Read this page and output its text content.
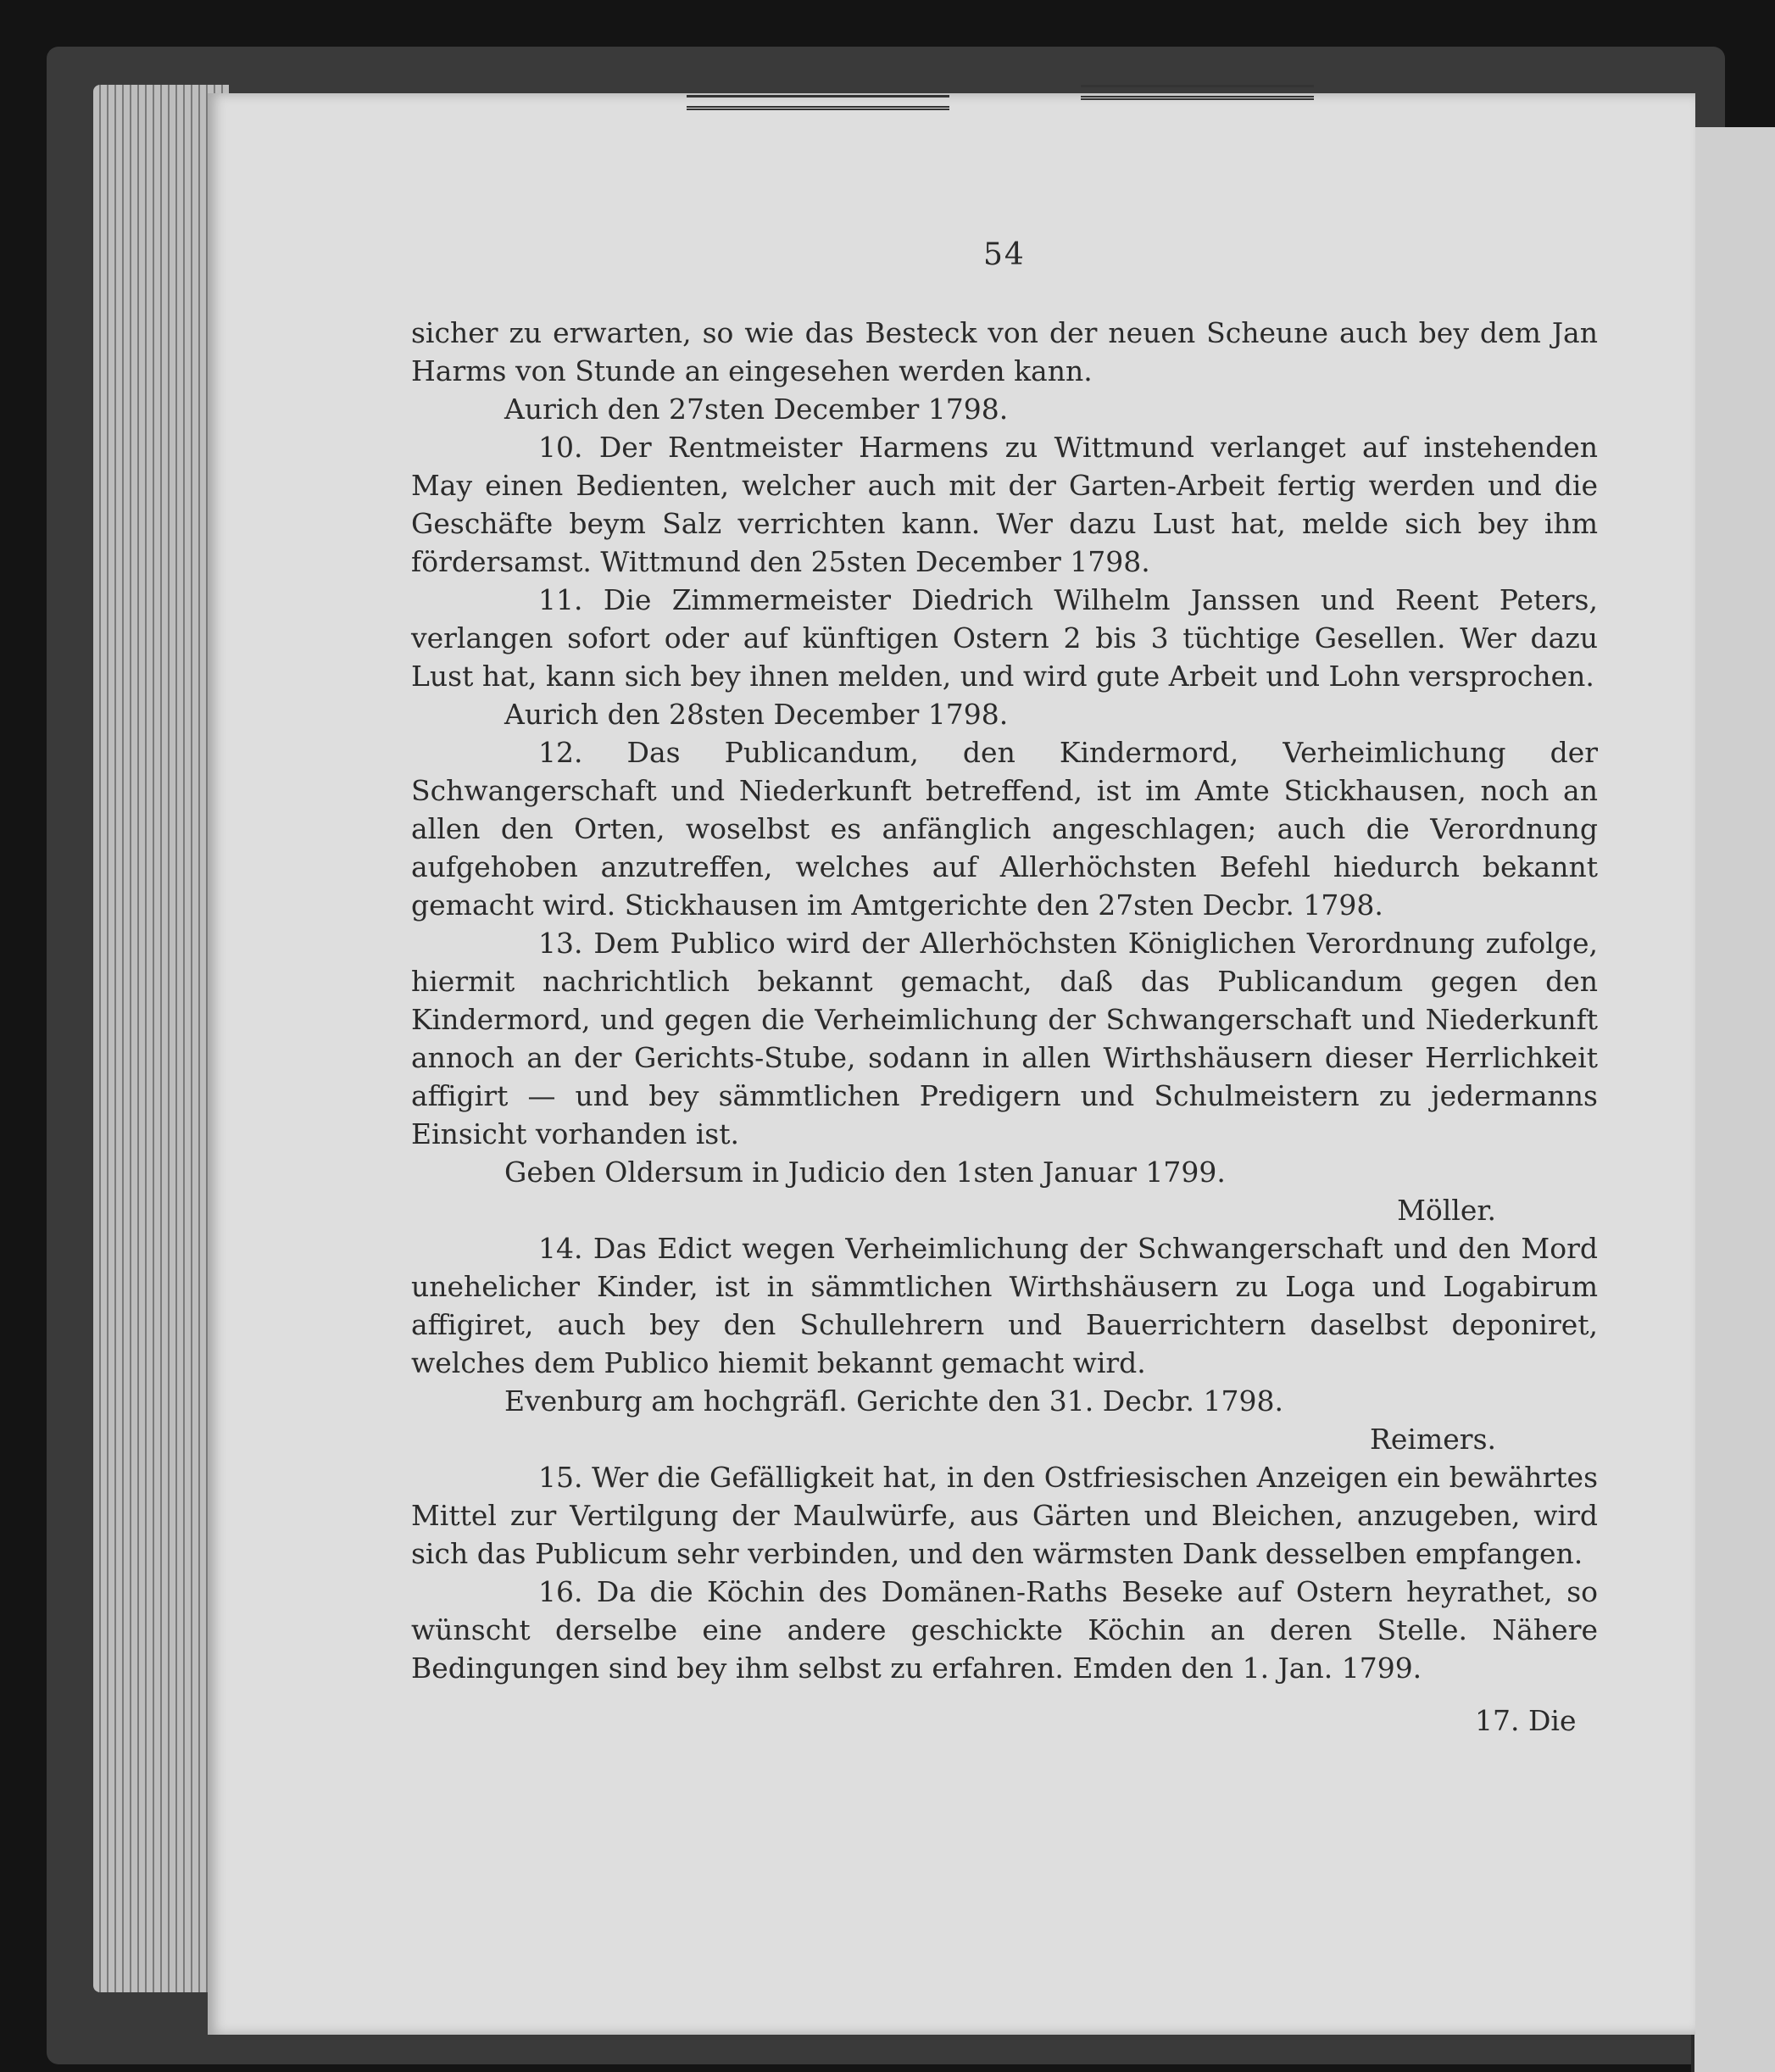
54

sicher zu erwarten, so wie das Besteck von der neuen Scheune auch bey dem Jan Harms von Stunde an eingesehen werden kann.

Aurich den 27sten December 1798.

10. Der Rentmeister Harmens zu Wittmund verlanget auf instehenden May einen Bedienten, welcher auch mit der Garten-Arbeit fertig werden und die Geschäfte beym Salz verrichten kann. Wer dazu Lust hat, melde sich bey ihm fördersamst. Wittmund den 25sten December 1798.

11. Die Zimmermeister Diedrich Wilhelm Janssen und Reent Peters, verlangen sofort oder auf künftigen Ostern 2 bis 3 tüchtige Gesellen. Wer dazu Lust hat, kann sich bey ihnen melden, und wird gute Arbeit und Lohn versprochen.

Aurich den 28sten December 1798.

12. Das Publicandum, den Kindermord, Verheimlichung der Schwangerschaft und Niederkunft betreffend, ist im Amte Stickhausen, noch an allen den Orten, woselbst es anfänglich angeschlagen; auch die Verordnung aufgehoben anzutreffen, welches auf Allerhöchsten Befehl hiedurch bekannt gemacht wird. Stickhausen im Amtgerichte den 27sten Decbr. 1798.

13. Dem Publico wird der Allerhöchsten Königlichen Verordnung zufolge, hiermit nachrichtlich bekannt gemacht, daß das Publicandum gegen den Kindermord, und gegen die Verheimlichung der Schwangerschaft und Niederkunft annoch an der Gerichts-Stube, sodann in allen Wirthshäusern dieser Herrlichkeit affigirt — und bey sämmtlichen Predigern und Schulmeistern zu jedermanns Einsicht vorhanden ist.

Geben Oldersum in Judicio den 1sten Januar 1799.

Möller.

14. Das Edict wegen Verheimlichung der Schwangerschaft und den Mord unehelicher Kinder, ist in sämmtlichen Wirthshäusern zu Loga und Logabirum affigiret, auch bey den Schullehrern und Bauerrichtern daselbst deponiret, welches dem Publico hiemit bekannt gemacht wird.

Evenburg am hochgräfl. Gerichte den 31. Decbr. 1798.

Reimers.

15. Wer die Gefälligkeit hat, in den Ostfriesischen Anzeigen ein bewährtes Mittel zur Vertilgung der Maulwürfe, aus Gärten und Bleichen, anzugeben, wird sich das Publicum sehr verbinden, und den wärmsten Dank desselben empfangen.

16. Da die Köchin des Domänen-Raths Beseke auf Ostern heyrathet, so wünscht derselbe eine andere geschickte Köchin an deren Stelle. Nähere Bedingungen sind bey ihm selbst zu erfahren. Emden den 1. Jan. 1799.

17. Die
